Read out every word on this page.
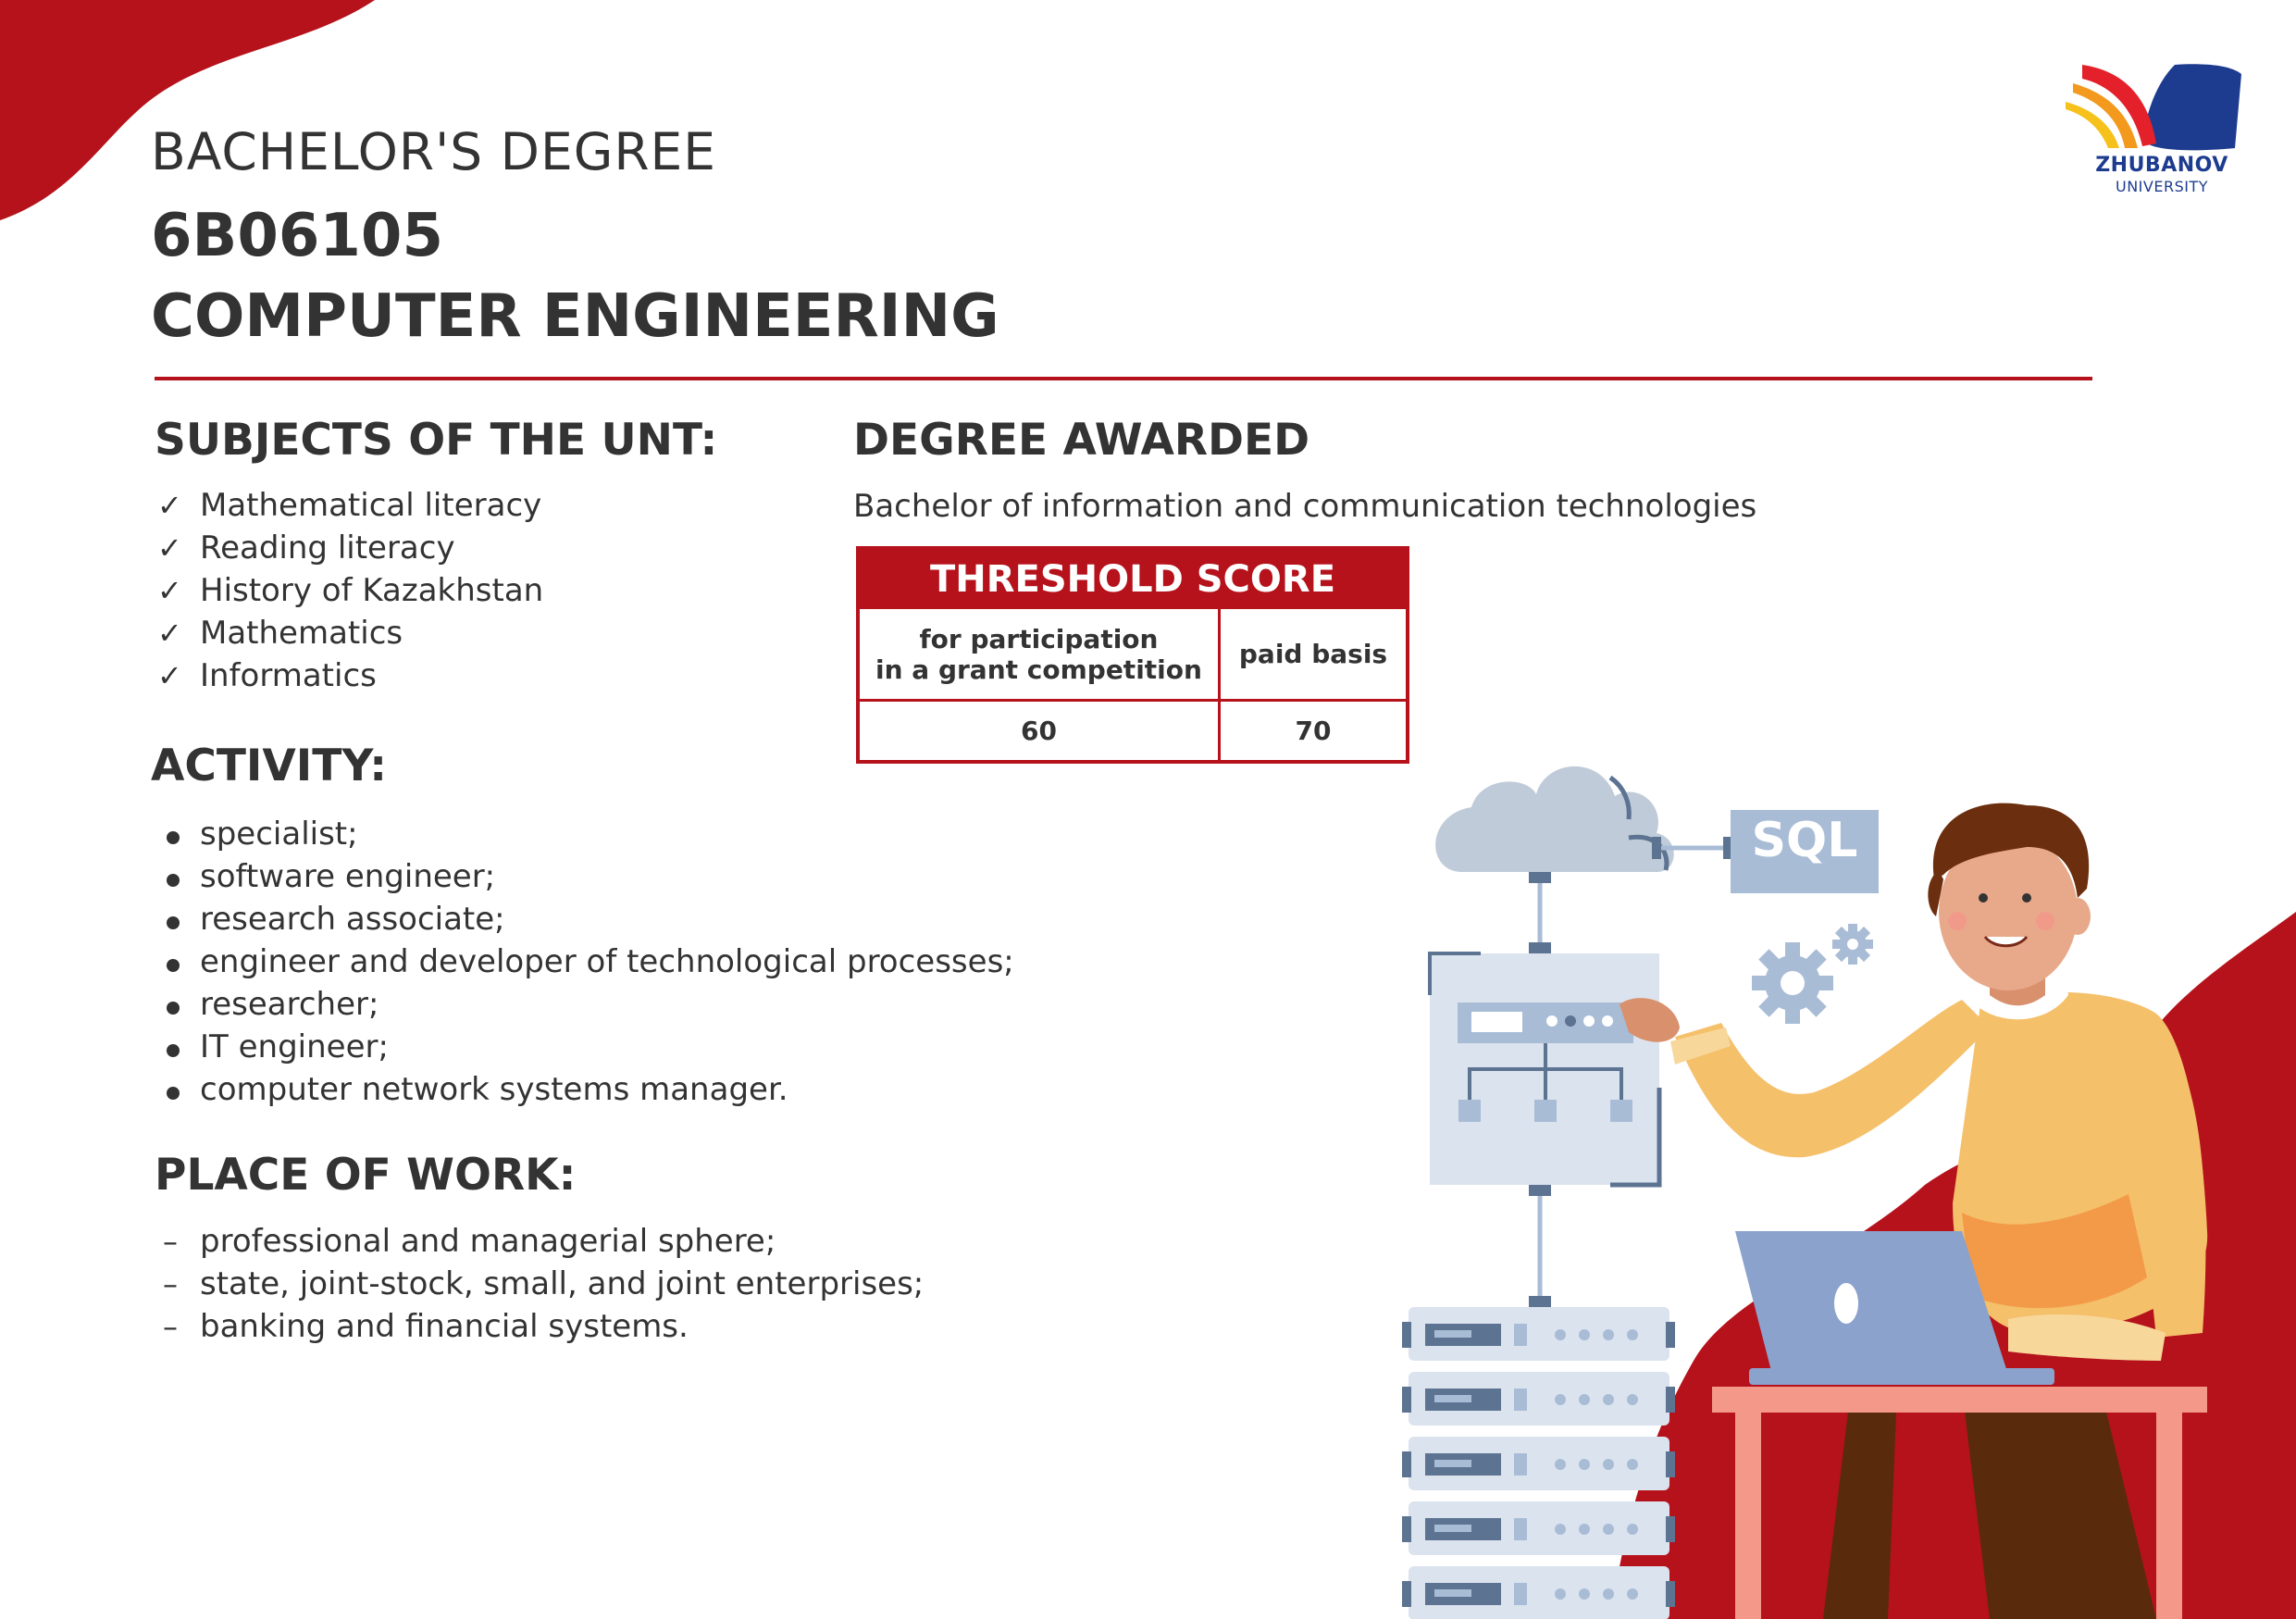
BACHELOR'S DEGREE
6B06105
COMPUTER ENGINEERING
ZHUBANOV
UNIVERSITY
SUBJECTS OF THE UNT:
✓ Mathematical literacy
✓ Reading literacy
✓ History of Kazakhstan
✓ Mathematics
✓ Informatics
DEGREE AWARDED
Bachelor of information and communication technologies
THRESHOLD SCORE
for participation
in a grant competition	paid basis
60	70
ACTIVITY:
specialist;
software engineer;
research associate;
engineer and developer of technological processes;
researcher;
IT engineer;
computer network systems manager.
PLACE OF WORK:
– professional and managerial sphere;
– state, joint-stock, small, and joint enterprises;
– banking and financial systems.
SQL
